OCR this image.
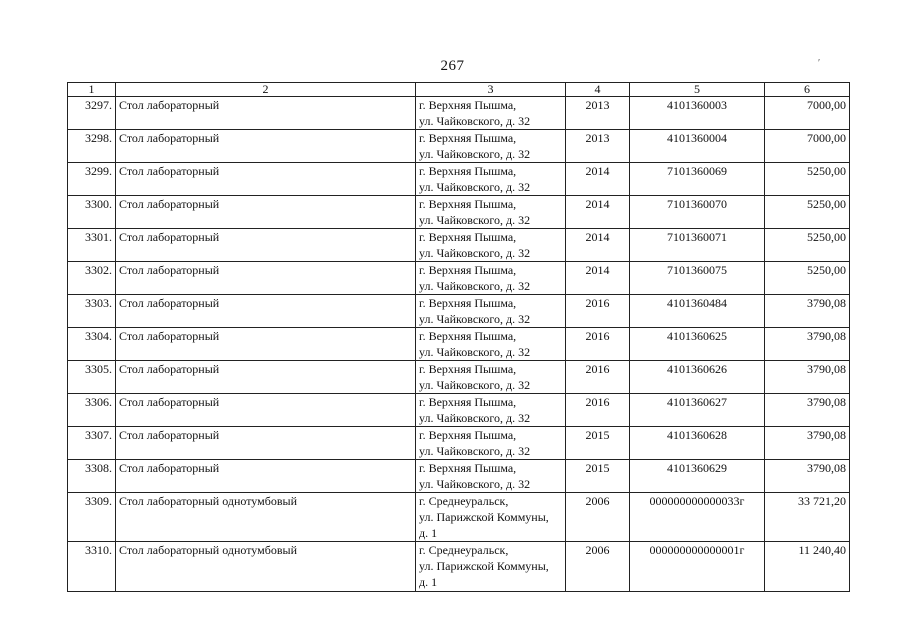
267	′
1	2	3	4	5	6
3297.	Стол лабораторный	г. Верхняя Пышма,
ул. Чайковского, д. 32	2013	4101360003	7000,00
3298.	Стол лабораторный	г. Верхняя Пышма,
ул. Чайковского, д. 32	2013	4101360004	7000,00
3299.	Стол лабораторный	г. Верхняя Пышма,
ул. Чайковского, д. 32	2014	7101360069	5250,00
3300.	Стол лабораторный	г. Верхняя Пышма,
ул. Чайковского, д. 32	2014	7101360070	5250,00
3301.	Стол лабораторный	г. Верхняя Пышма,
ул. Чайковского, д. 32	2014	7101360071	5250,00
3302.	Стол лабораторный	г. Верхняя Пышма,
ул. Чайковского, д. 32	2014	7101360075	5250,00
3303.	Стол лабораторный	г. Верхняя Пышма,
ул. Чайковского, д. 32	2016	4101360484	3790,08
3304.	Стол лабораторный	г. Верхняя Пышма,
ул. Чайковского, д. 32	2016	4101360625	3790,08
3305.	Стол лабораторный	г. Верхняя Пышма,
ул. Чайковского, д. 32	2016	4101360626	3790,08
3306.	Стол лабораторный	г. Верхняя Пышма,
ул. Чайковского, д. 32	2016	4101360627	3790,08
3307.	Стол лабораторный	г. Верхняя Пышма,
ул. Чайковского, д. 32	2015	4101360628	3790,08
3308.	Стол лабораторный	г. Верхняя Пышма,
ул. Чайковского, д. 32	2015	4101360629	3790,08
3309.	Стол лабораторный однотумбовый	г. Среднеуральск,
ул. Парижской Коммуны,
д. 1	2006	000000000000033г	33 721,20
3310.	Стол лабораторный однотумбовый	г. Среднеуральск,
ул. Парижской Коммуны,
д. 1	2006	000000000000001г	11 240,40
